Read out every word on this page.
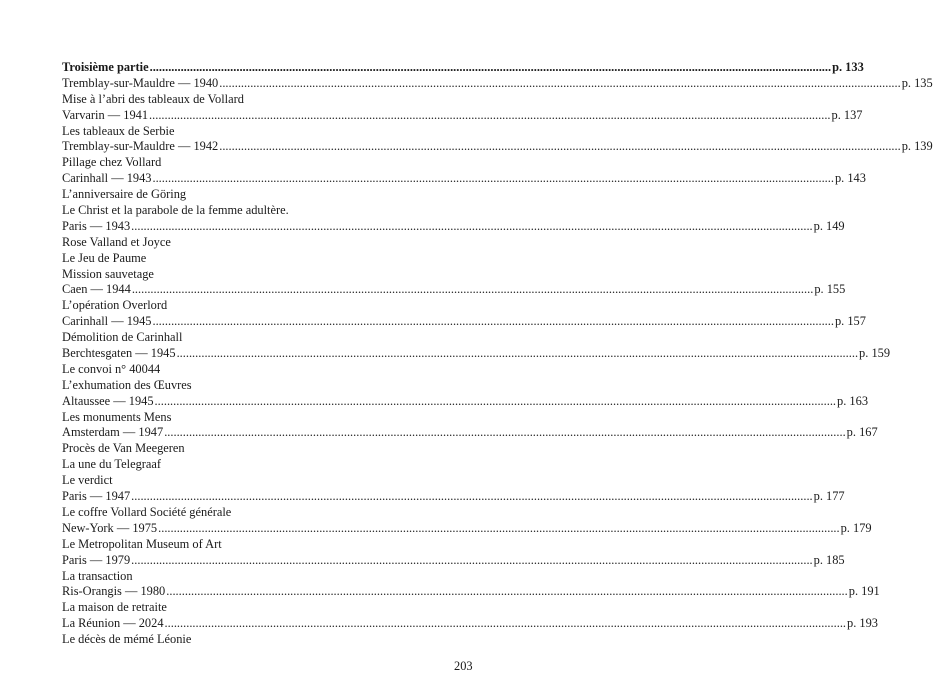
Troisième partie ............................................................................................................................................................................................................................ p. 133
Tremblay-sur-Mauldre — 1940 ............................................................................................................................................................................................................................ p. 135
Mise à l’abri des tableaux de Vollard
Varvarin — 1941 ............................................................................................................................................................................................................................ p. 137
Les tableaux de Serbie
Tremblay-sur-Mauldre — 1942 ............................................................................................................................................................................................................................ p. 139
Pillage chez Vollard
Carinhall — 1943 ............................................................................................................................................................................................................................ p. 143
L’anniversaire de Göring
Le Christ et la parabole de la femme adultère.
Paris — 1943 ............................................................................................................................................................................................................................ p. 149
Rose Valland et Joyce
Le Jeu de Paume
Mission sauvetage
Caen — 1944 ............................................................................................................................................................................................................................ p. 155
L’opération Overlord
Carinhall — 1945 ............................................................................................................................................................................................................................ p. 157
Démolition de Carinhall
Berchtesgaten — 1945 ............................................................................................................................................................................................................................ p. 159
Le convoi n° 40044
L’exhumation des Œuvres
Altaussee — 1945 ............................................................................................................................................................................................................................ p. 163
Les monuments Mens
Amsterdam — 1947 ............................................................................................................................................................................................................................ p. 167
Procès de Van Meegeren
La une du Telegraaf
Le verdict
Paris — 1947 ............................................................................................................................................................................................................................ p. 177
Le coffre Vollard Société générale
New-York — 1975 ............................................................................................................................................................................................................................ p. 179
Le Metropolitan Museum of Art
Paris — 1979 ............................................................................................................................................................................................................................ p. 185
La transaction
Ris-Orangis — 1980 ............................................................................................................................................................................................................................ p. 191
La maison de retraite
La Réunion — 2024 ............................................................................................................................................................................................................................ p. 193
Le décès de mémé Léonie
203
